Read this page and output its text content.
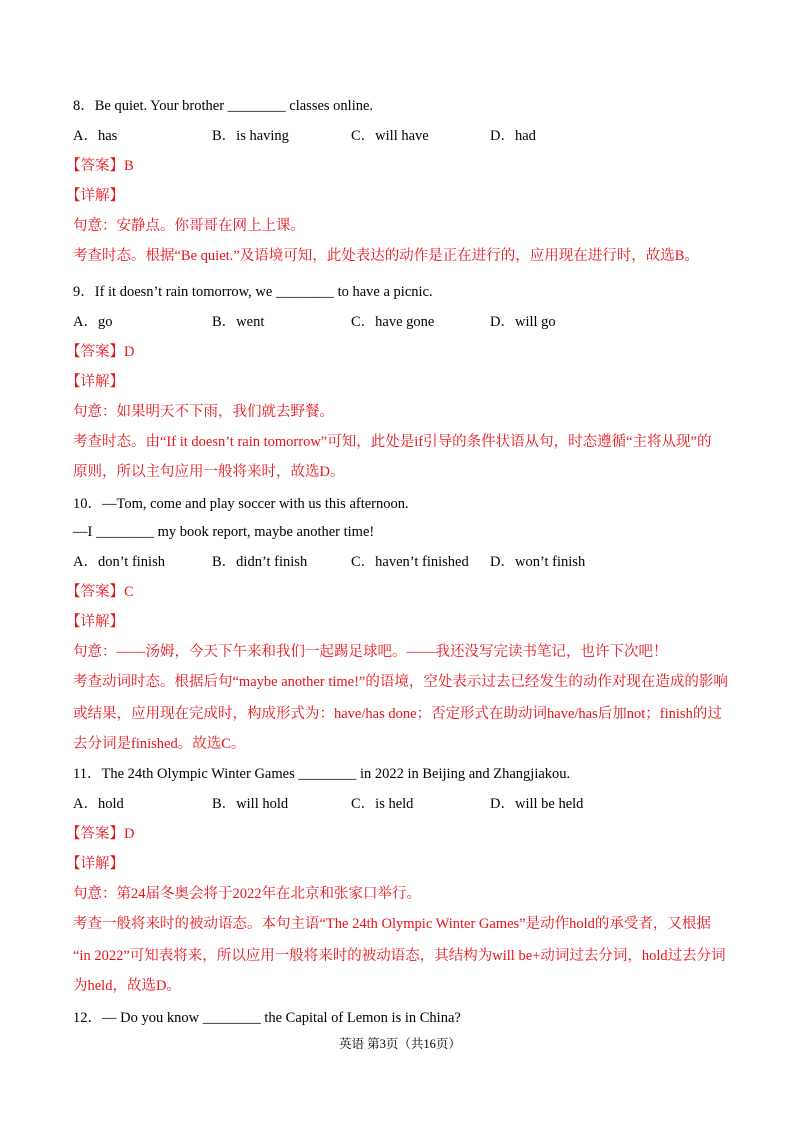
8．Be quiet. Your brother ________ classes online.
A．has	B．is having	C．will have	D．had
【答案】B
【详解】
句意：安静点。你哥哥在网上上课。
考查时态。根据“Be quiet.”及语境可知，此处表达的动作是正在进行的，应用现在进行时，故选B。
9．If it doesn’t rain tomorrow, we ________ to have a picnic.
A．go	B．went	C．have gone	D．will go
【答案】D
【详解】
句意：如果明天不下雨，我们就去野餐。
考查时态。由“If it doesn’t rain tomorrow”可知，此处是if引导的条件状语从句，时态遵循“主将从现”的
原则，所以主句应用一般将来时，故选D。
10．—Tom, come and play soccer with us this afternoon.
—I ________ my book report, maybe another time!
A．don’t finish	B．didn’t finish	C．haven’t finished D．won’t finish
【答案】C
【详解】
句意：——汤姆，今天下午来和我们一起踢足球吧。——我还没写完读书笔记，也许下次吧！
考查动词时态。根据后句“maybe another time!”的语境，空处表示过去已经发生的动作对现在造成的影响
或结果，应用现在完成时，构成形式为：have/has done；否定形式在助动词have/has后加not；finish的过
去分词是finished。故选C。
11．The 24th Olympic Winter Games ________ in 2022 in Beijing and Zhangjiakou.
A．hold	B．will hold	C．is held	D．will be held
【答案】D
【详解】
句意：第24届冬奥会将于2022年在北京和张家口举行。
考查一般将来时的被动语态。本句主语“The 24th Olympic Winter Games”是动作hold的承受者，又根据
“in 2022”可知表将来，所以应用一般将来时的被动语态，其结构为will be+动词过去分词，hold过去分词
为held，故选D。
12．— Do you know ________ the Capital of Lemon is in China?
英语 第3页（共16页）
